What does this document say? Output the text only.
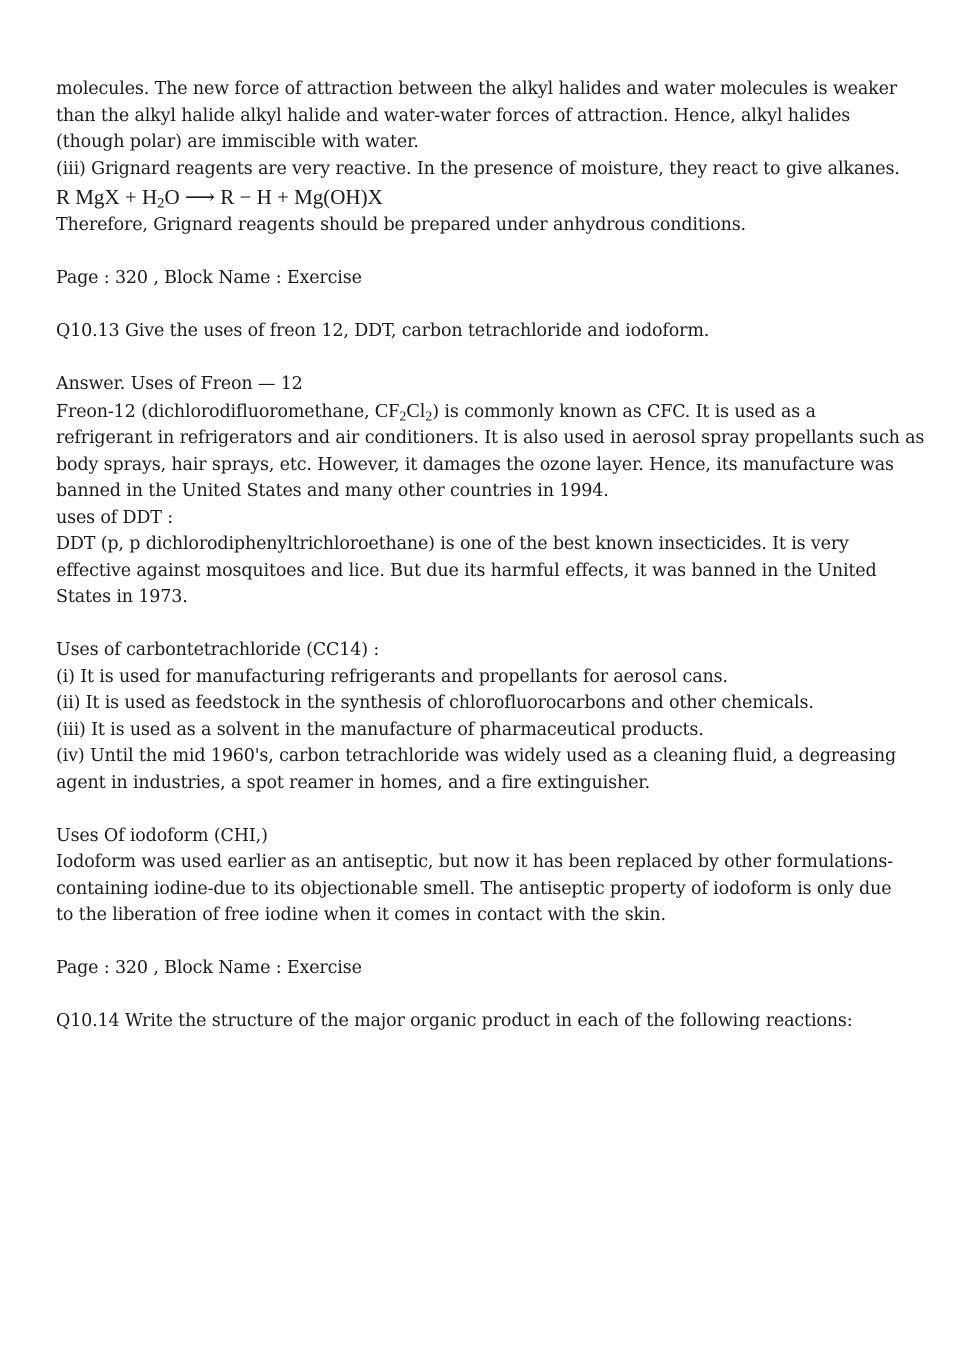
molecules. The new force of attraction between the alkyl halides and water molecules is weaker
than the alkyl halide alkyl halide and water-water forces of attraction. Hence, alkyl halides
(though polar) are immiscible with water.
(iii) Grignard reagents are very reactive. In the presence of moisture, they react to give alkanes.
R MgX + $H_2O$ ⟶ R − H + Mg(OH)X
Therefore, Grignard reagents should be prepared under anhydrous conditions.
Page : 320 , Block Name : Exercise
Q10.13 Give the uses of freon 12, DDT, carbon tetrachloride and iodoform.
Answer. Uses of Freon — 12
Freon-12 (dichlorodifluoromethane, $CF_2Cl_2$) is commonly known as CFC. It is used as a
refrigerant in refrigerators and air conditioners. It is also used in aerosol spray propellants such as
body sprays, hair sprays, etc. However, it damages the ozone layer. Hence, its manufacture was
banned in the United States and many other countries in 1994.
uses of DDT :
DDT (p, p dichlorodiphenyltrichloroethane) is one of the best known insecticides. It is very
effective against mosquitoes and lice. But due its harmful effects, it was banned in the United
States in 1973.
Uses of carbontetrachloride (CC14) :
(i) It is used for manufacturing refrigerants and propellants for aerosol cans.
(ii) It is used as feedstock in the synthesis of chlorofluorocarbons and other chemicals.
(iii) It is used as a solvent in the manufacture of pharmaceutical products.
(iv) Until the mid 1960's, carbon tetrachloride was widely used as a cleaning fluid, a degreasing
agent in industries, a spot reamer in homes, and a fire extinguisher.
Uses Of iodoform (CHI,)
Iodoform was used earlier as an antiseptic, but now it has been replaced by other formulations-
containing iodine-due to its objectionable smell. The antiseptic property of iodoform is only due
to the liberation of free iodine when it comes in contact with the skin.
Page : 320 , Block Name : Exercise
Q10.14 Write the structure of the major organic product in each of the following reactions:
